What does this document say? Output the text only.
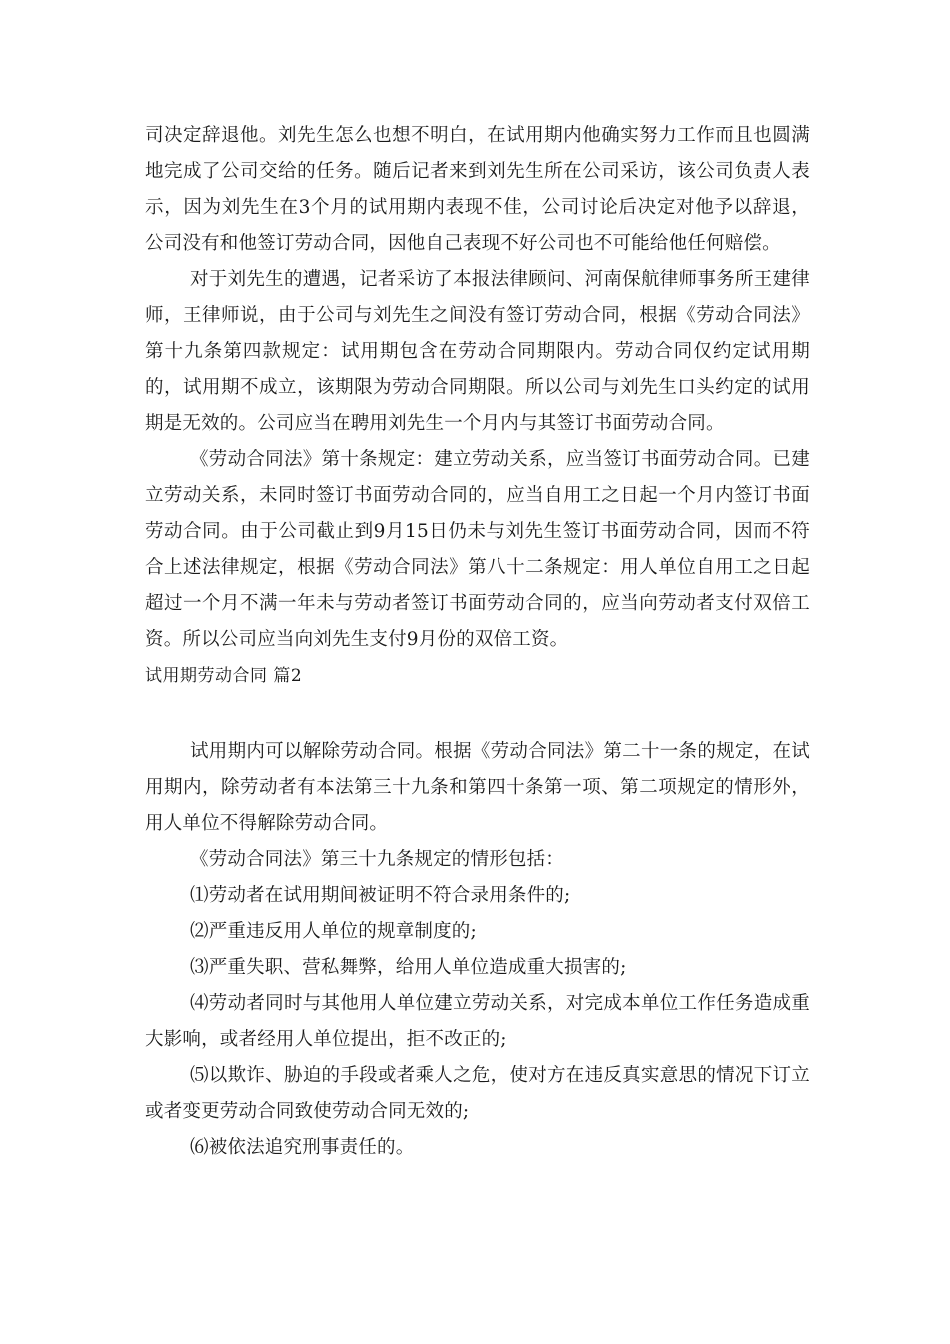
司决定辞退他。刘先生怎么也想不明白，在试用期内他确实努力工作而且也圆满地完成了公司交给的任务。随后记者来到刘先生所在公司采访，该公司负责人表示，因为刘先生在3个月的试用期内表现不佳，公司讨论后决定对他予以辞退，公司没有和他签订劳动合同，因他自己表现不好公司也不可能给他任何赔偿。

对于刘先生的遭遇，记者采访了本报法律顾问、河南保航律师事务所王建律师，王律师说，由于公司与刘先生之间没有签订劳动合同，根据《劳动合同法》第十九条第四款规定：试用期包含在劳动合同期限内。劳动合同仅约定试用期的，试用期不成立，该期限为劳动合同期限。所以公司与刘先生口头约定的试用期是无效的。公司应当在聘用刘先生一个月内与其签订书面劳动合同。

《劳动合同法》第十条规定：建立劳动关系，应当签订书面劳动合同。已建立劳动关系，未同时签订书面劳动合同的，应当自用工之日起一个月内签订书面劳动合同。由于公司截止到9月15日仍未与刘先生签订书面劳动合同，因而不符合上述法律规定，根据《劳动合同法》第八十二条规定：用人单位自用工之日起超过一个月不满一年未与劳动者签订书面劳动合同的，应当向劳动者支付双倍工资。所以公司应当向刘先生支付9月份的双倍工资。

试用期劳动合同 篇2

试用期内可以解除劳动合同。根据《劳动合同法》第二十一条的规定，在试用期内，除劳动者有本法第三十九条和第四十条第一项、第二项规定的情形外，用人单位不得解除劳动合同。

《劳动合同法》第三十九条规定的情形包括：

⑴劳动者在试用期间被证明不符合录用条件的;

⑵严重违反用人单位的规章制度的;

⑶严重失职、营私舞弊，给用人单位造成重大损害的;

⑷劳动者同时与其他用人单位建立劳动关系，对完成本单位工作任务造成重大影响，或者经用人单位提出，拒不改正的;

⑸以欺诈、胁迫的手段或者乘人之危，使对方在违反真实意思的情况下订立或者变更劳动合同致使劳动合同无效的;

⑹被依法追究刑事责任的。
